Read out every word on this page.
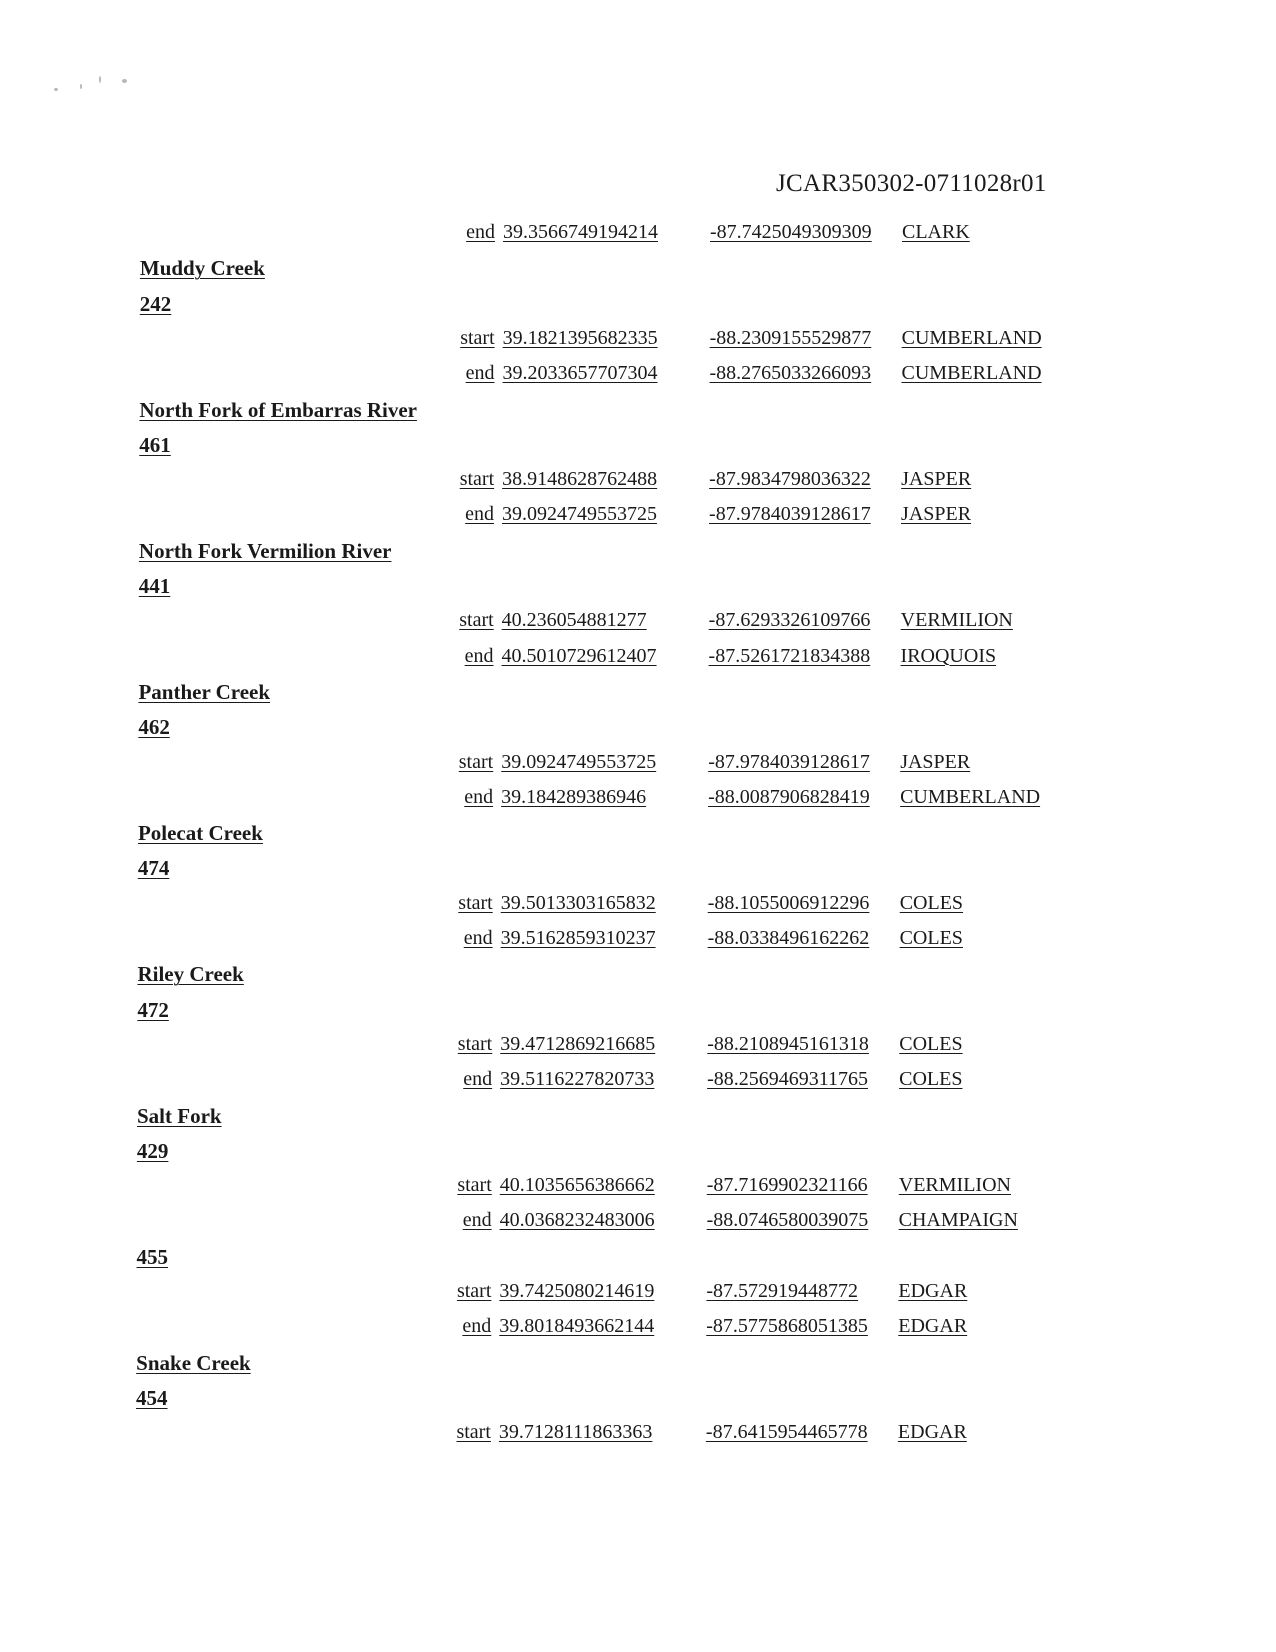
JCAR350302-0711028r01
end 39.3566749194214	-87.7425049309309 CLARK
Muddy Creek
242
start 39.1821395682335	-88.2309155529877 CUMBERLAND
end 39.2033657707304	-88.2765033266093 CUMBERLAND
North Fork of Embarras River
461
start 38.9148628762488	-87.9834798036322 JASPER
end 39.0924749553725	-87.9784039128617 JASPER
North Fork Vermilion River
441
start 40.236054881277	-87.6293326109766 VERMILION
end 40.5010729612407	-87.5261721834388 IROQUOIS
Panther Creek
462
start 39.0924749553725	-87.9784039128617 JASPER
end 39.184289386946	-88.0087906828419 CUMBERLAND
Polecat Creek
474
start 39.5013303165832	-88.1055006912296 COLES
end 39.5162859310237	-88.0338496162262 COLES
Riley Creek
472
start 39.4712869216685	-88.2108945161318 COLES
end 39.5116227820733	-88.2569469311765 COLES
Salt Fork
429
start 40.1035656386662	-87.7169902321166 VERMILION
end 40.0368232483006	-88.0746580039075 CHAMPAIGN
455
start 39.7425080214619	-87.572919448772 EDGAR
end 39.8018493662144	-87.5775868051385 EDGAR
Snake Creek
454
start 39.7128111863363	-87.6415954465778 EDGAR
